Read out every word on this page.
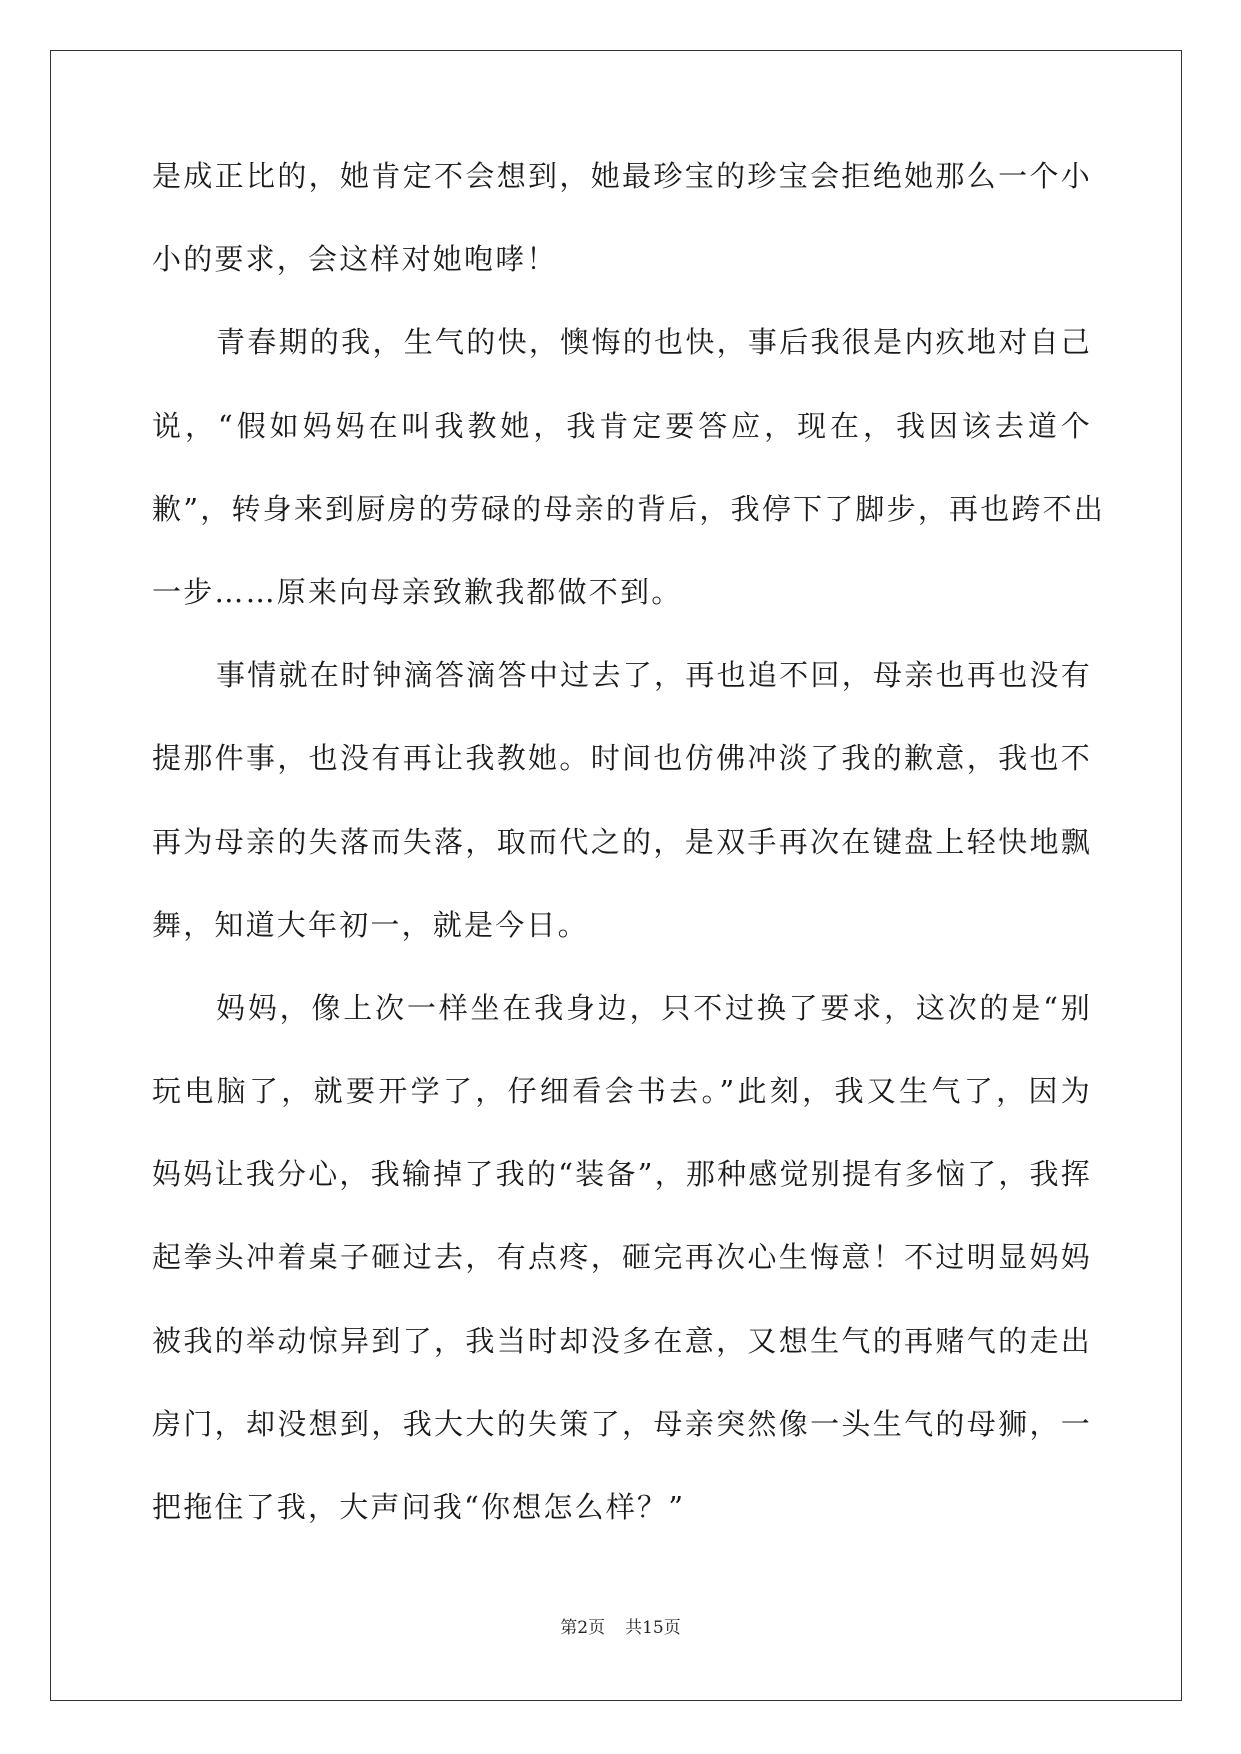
是成正比的，她肯定不会想到，她最珍宝的珍宝会拒绝她那么一个小
小的要求，会这样对她咆哮！
青春期的我，生气的快，懊悔的也快，事后我很是内疚地对自己
说，“假如妈妈在叫我教她，我肯定要答应，现在，我因该去道个
歉”，转身来到厨房的劳碌的母亲的背后，我停下了脚步，再也跨不出
一步……原来向母亲致歉我都做不到。
事情就在时钟滴答滴答中过去了，再也追不回，母亲也再也没有
提那件事，也没有再让我教她。时间也仿佛冲淡了我的歉意，我也不
再为母亲的失落而失落，取而代之的，是双手再次在键盘上轻快地飘
舞，知道大年初一，就是今日。
妈妈，像上次一样坐在我身边，只不过换了要求，这次的是“别
玩电脑了，就要开学了，仔细看会书去。”此刻，我又生气了，因为
妈妈让我分心，我输掉了我的“装备”，那种感觉别提有多恼了，我挥
起拳头冲着桌子砸过去，有点疼，砸完再次心生悔意！不过明显妈妈
被我的举动惊异到了，我当时却没多在意，又想生气的再赌气的走出
房门，却没想到，我大大的失策了，母亲突然像一头生气的母狮，一
把拖住了我，大声问我“你想怎么样？”
第2页 共15页
